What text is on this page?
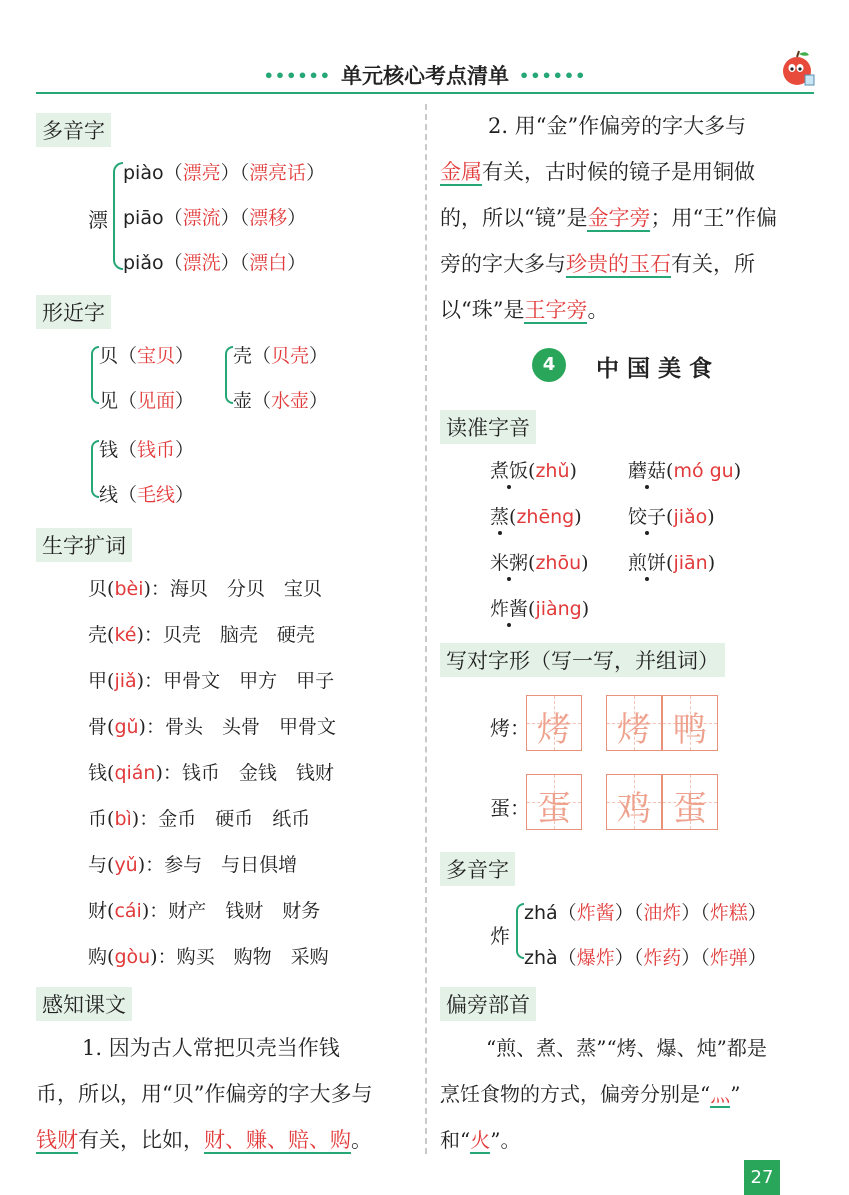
•••••• 单元核心考点清单 ••••••
多音字
漂
piào（漂亮）（漂亮话）
piāo（漂流）（漂移）
piǎo（漂洗）（漂白）
形近字
贝（宝贝）
见（见面）
壳（贝壳）
壶（水壶）
钱（钱币）
线（毛线）
生字扩词
贝(bèi)：海贝　分贝　宝贝
壳(ké)：贝壳　脑壳　硬壳
甲(jiǎ)：甲骨文　甲方　甲子
骨(gǔ)：骨头　头骨　甲骨文
钱(qián)：钱币　金钱　钱财
币(bì)：金币　硬币　纸币
与(yǔ)：参与　与日俱增
财(cái)：财产　钱财　财务
购(gòu)：购买　购物　采购
感知课文
1. 因为古人常把贝壳当作钱
币，所以，用“贝”作偏旁的字大多与
钱财有关，比如，财、赚、赔、购。
2. 用“金”作偏旁的字大多与
金属有关，古时候的镜子是用铜做
的，所以“镜”是金字旁；用“王”作偏
旁的字大多与珍贵的玉石有关，所
以“珠”是王字旁。
4	中 国 美 食
读准字音
煮饭(zhǔ)	蘑菇(mó gu)
蒸(zhēng) 饺子(jiǎo)
米粥(zhōu) 煎饼(jiān)
炸酱(jiàng)
写对字形（写一写，并组词）
烤： 烤 烤 鸭
蛋： 蛋 鸡 蛋
多音字
炸
zhá（炸酱）（油炸）（炸糕）
zhà（爆炸）（炸药）（炸弹）
偏旁部首
“煎、煮、蒸”“烤、爆、炖”都是
烹饪食物的方式，偏旁分别是“灬”
和“火”。
27
